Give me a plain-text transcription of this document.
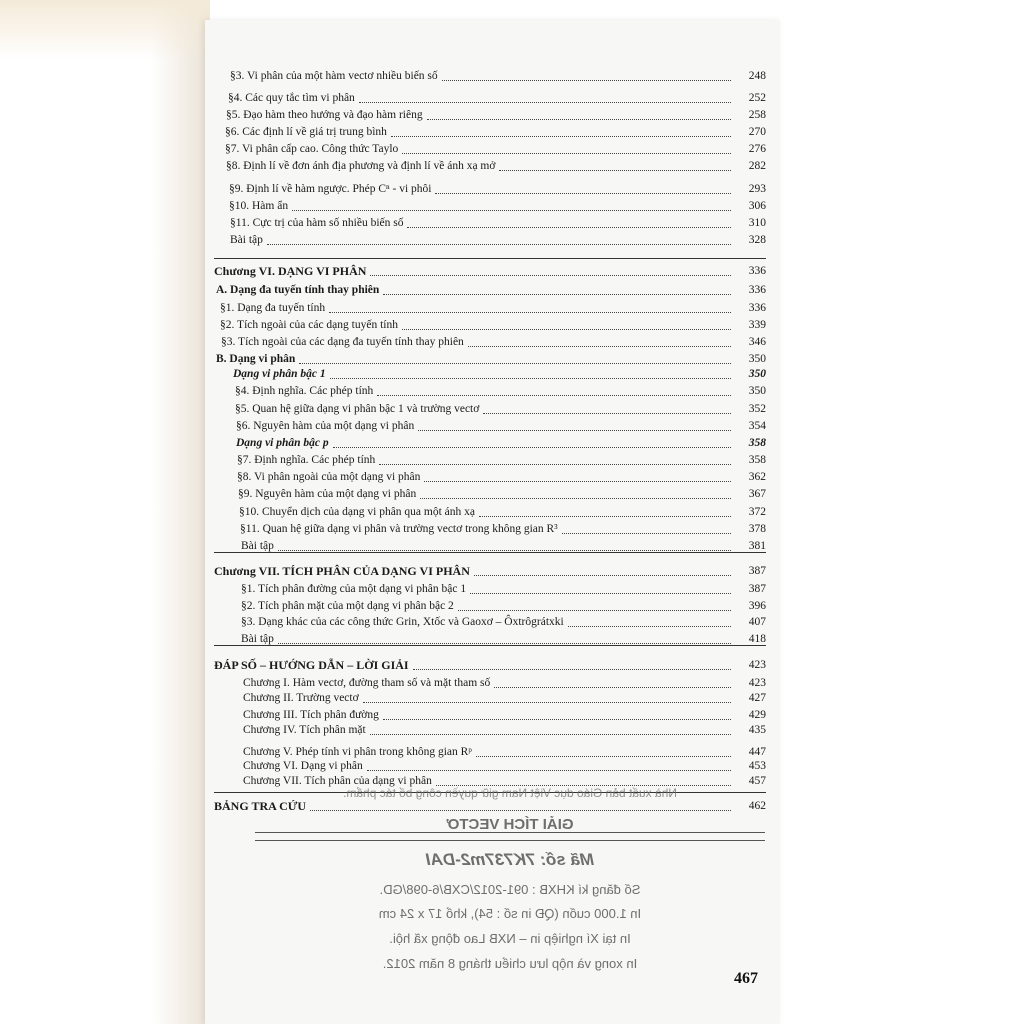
§3. Vi phân của một hàm vectơ nhiều biến số	248
§4. Các quy tắc tìm vi phân	252
§5. Đạo hàm theo hướng và đạo hàm riêng	258
§6. Các định lí về giá trị trung bình	270
§7. Vi phân cấp cao. Công thức Taylo	276
§8. Định lí về đơn ánh địa phương và định lí về ánh xạ mở	282
§9. Định lí về hàm ngược. Phép Cⁿ - vi phôi	293
§10. Hàm ẩn	306
§11. Cực trị của hàm số nhiều biến số	310
Bài tập	328
Chương VI. DẠNG VI PHÂN	336
A. Dạng đa tuyến tính thay phiên	336
§1. Dạng đa tuyến tính	336
§2. Tích ngoài của các dạng tuyến tính	339
§3. Tích ngoài của các dạng đa tuyến tính thay phiên	346
B. Dạng vi phân	350
Dạng vi phân bậc 1	350
§4. Định nghĩa. Các phép tính	350
§5. Quan hệ giữa dạng vi phân bậc 1 và trường vectơ	352
§6. Nguyên hàm của một dạng vi phân	354
Dạng vi phân bậc p	358
§7. Định nghĩa. Các phép tính	358
§8. Vi phân ngoài của một dạng vi phân	362
§9. Nguyên hàm của một dạng vi phân	367
§10. Chuyển dịch của dạng vi phân qua một ánh xạ	372
§11. Quan hệ giữa dạng vi phân và trường vectơ trong không gian R³	378
Bài tập	381
Chương VII. TÍCH PHÂN CỦA DẠNG VI PHÂN	387
§1. Tích phân đường của một dạng vi phân bậc 1	387
§2. Tích phân mặt của một dạng vi phân bậc 2	396
§3. Dạng khác của các công thức Grin, Xtốc và Gaoxơ – Ôxtrôgrátxki	407
Bài tập	418
ĐÁP SỐ – HƯỚNG DẪN – LỜI GIẢI	423
Chương I. Hàm vectơ, đường tham số và mặt tham số	423
Chương II. Trường vectơ	427
Chương III. Tích phân đường	429
Chương IV. Tích phân mặt	435
Chương V. Phép tính vi phân trong không gian Rᵖ	447
Chương VI. Dạng vi phân	453
Chương VII. Tích phân của dạng vi phân	457
BẢNG TRA CỨU	462
Nhà xuất bản Giáo dục Việt Nam giữ quyền công bố tác phẩm.
GIẢI TÍCH VECTƠ
Mã số: 7K737m2-DAI
Số đăng kí KHXB : 091-2012/CXB/6-098/GD.
In 1.000 cuốn (QĐ in số : 54), khổ 17 x 24 cm
In tại Xí nghiệp in – NXB Lao động xã hội.
In xong và nộp lưu chiểu tháng 8 năm 2012.
467
